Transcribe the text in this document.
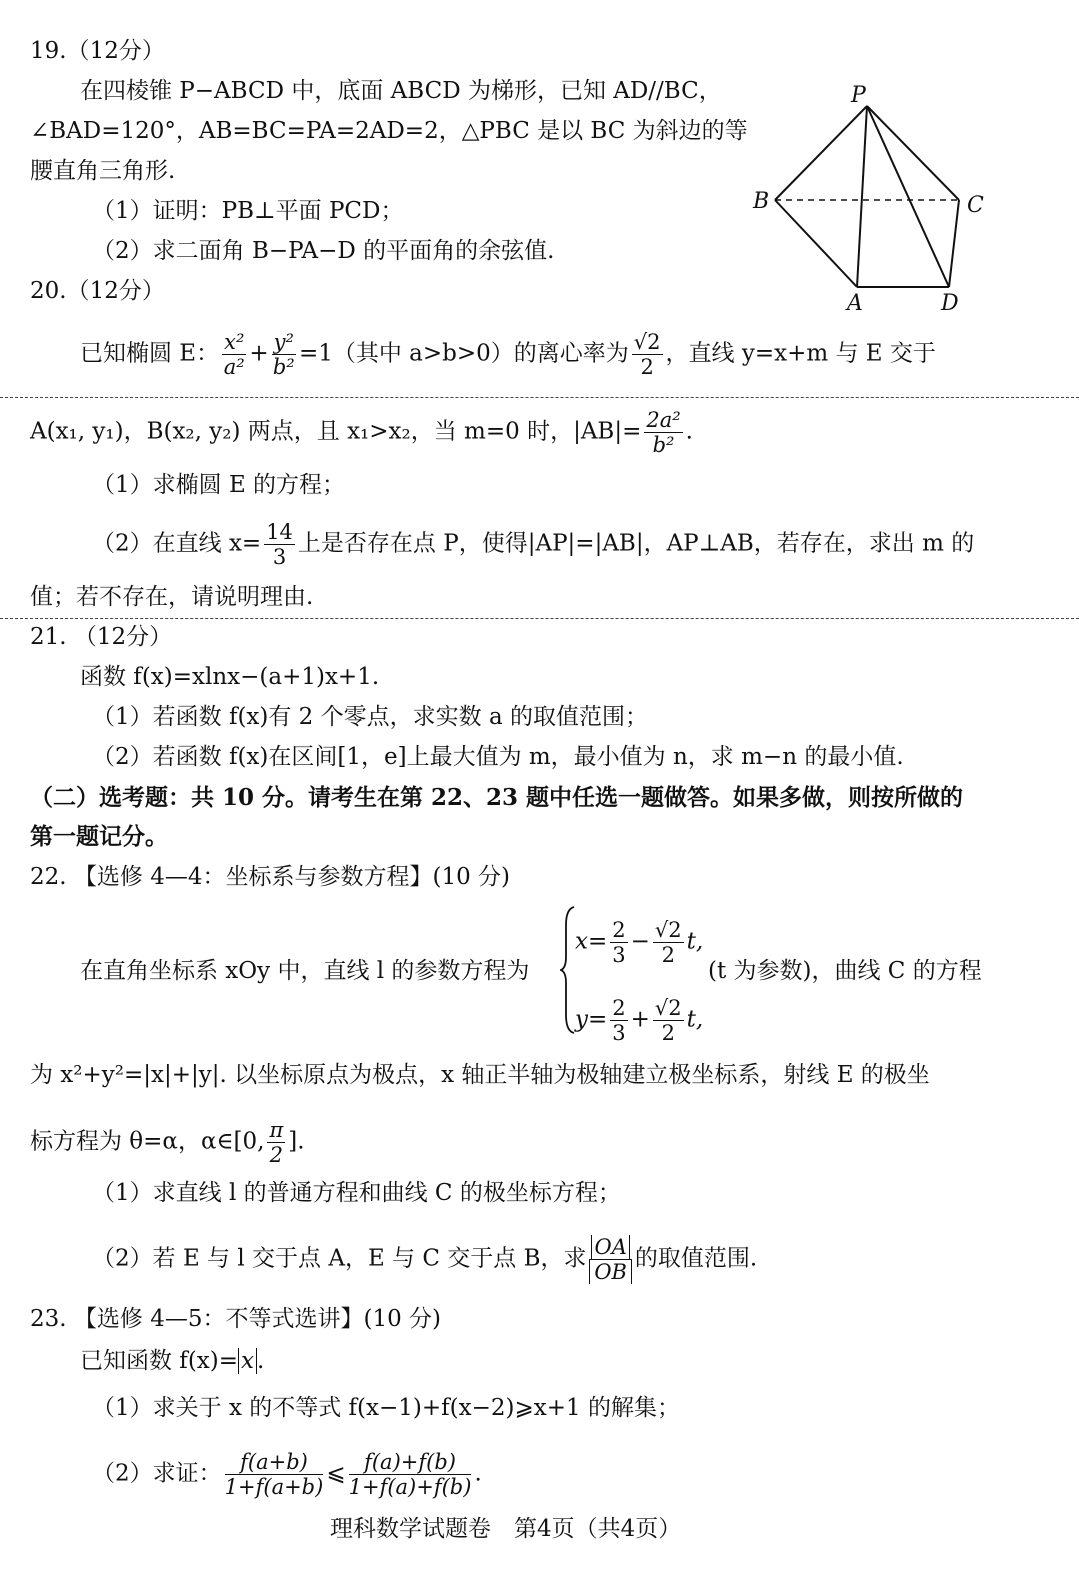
19.（12分）
在四棱锥 P−ABCD 中，底面 ABCD 为梯形，已知 AD//BC，
∠BAD=120°，AB=BC=PA=2AD=2，△PBC 是以 BC 为斜边的等
腰直角三角形.
（1）证明：PB⊥平面 PCD；
（2）求二面角 B−PA−D 的平面角的余弦值.
P
B	C
A	D
20.（12分）
已知椭圆 E： $\frac{\text{x²}}{\text{a²}} + \frac{\text{y²}}{\text{b²}} =1$（其中 a>b>0）的离心率为 $\frac{√2}{2}$ ，直线 y=x+m 与 E 交于
A(x₁, y₁)，B(x₂, y₂) 两点，且 x₁>x₂，当 m=0 时，$|AB|= \frac{\text{2a²}}{\text{b²}}$ .
（1）求椭圆 E 的方程；
（2）在直线 $x= \frac{14}{3}$ 上是否存在点 P，使得|AP|=|AB|，AP⊥AB，若存在，求出 m 的
值；若不存在，请说明理由.
21. （12分）
函数 f(x)=xlnx−(a+1)x+1.
（1）若函数 f(x)有 2 个零点，求实数 a 的取值范围；
（2）若函数 f(x)在区间[1，e]上最大值为 m，最小值为 n，求 m−n 的最小值.
（二）选考题：共 10 分。请考生在第 22、23 题中任选一题做答。如果多做，则按所做的
第一题记分。
22. 【选修 4—4：坐标系与参数方程】(10 分)
在直角坐标系 xOy 中，直线 l 的参数方程为
$x= \frac{2}{3} - \frac{√2}{2} t$,
$y= \frac{2}{3} + \frac{√2}{2} t$,
(t 为参数)，曲线 C 的方程
为 x²+y²=|x|+|y|. 以坐标原点为极点，x 轴正半轴为极轴建立极坐标系，射线 E 的极坐
标方程为 θ=α，α∈[0, $\frac{\pi}{2}$ ].
（1）求直线 l 的普通方程和曲线 C 的极坐标方程；
（2）若 E 与 l 交于点 A，E 与 C 交于点 B，求 $\frac{OA}{OB}$ 的取值范围.
23. 【选修 4—5：不等式选讲】(10 分)
已知函数 f(x)= x .
（1）求关于 x 的不等式 f(x−1)+f(x−2)⩾x+1 的解集；
（2）求证： $\frac{f(a+b)}{1+f(a+b)}$ ⩽ $\frac{f(a)+f(b)}{1+f(a)+f(b)}$ .
理科数学试题卷　第4页（共4页）
